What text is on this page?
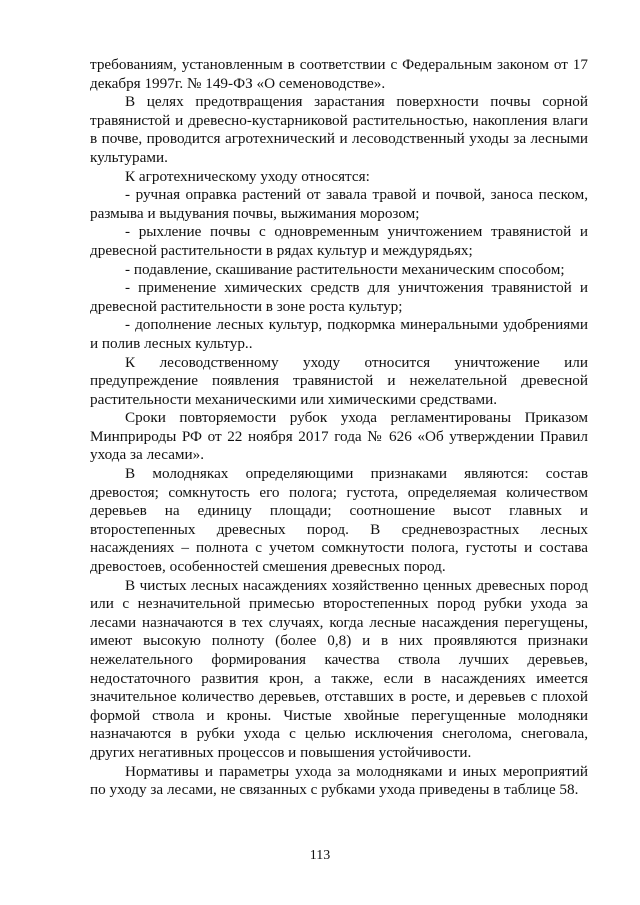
требованиям, установленным в соответствии с Федеральным законом от 17 декабря 1997г. № 149-ФЗ «О семеноводстве».

В целях предотвращения зарастания поверхности почвы сорной травянистой и древесно-кустарниковой растительностью, накопления влаги в почве, проводится агротехнический и лесоводственный уходы за лесными культурами.

К агротехническому уходу относятся:

- ручная оправка растений от завала травой и почвой, заноса песком, размыва и выдувания почвы, выжимания морозом;

- рыхление почвы с одновременным уничтожением травянистой и древесной растительности в рядах культур и междурядьях;

- подавление, скашивание растительности механическим способом;

- применение химических средств для уничтожения травянистой и древесной растительности в зоне роста культур;

- дополнение лесных культур, подкормка минеральными удобрениями и полив лесных культур..

К лесоводственному уходу относится уничтожение или предупреждение появления травянистой и нежелательной древесной растительности механическими или химическими средствами.

Сроки повторяемости рубок ухода регламентированы Приказом Минприроды РФ от 22 ноября 2017 года № 626 «Об утверждении Правил ухода за лесами».

В молодняках определяющими признаками являются: состав древостоя; сомкнутость его полога; густота, определяемая количеством деревьев на единицу площади; соотношение высот главных и второстепенных древесных пород. В средневозрастных лесных насаждениях – полнота с учетом сомкнутости полога, густоты и состава древостоев, особенностей смешения древесных пород.

В чистых лесных насаждениях хозяйственно ценных древесных пород или с незначительной примесью второстепенных пород рубки ухода за лесами назначаются в тех случаях, когда лесные насаждения перегущены, имеют высокую полноту (более 0,8) и в них проявляются признаки нежелательного формирования качества ствола лучших деревьев, недостаточного развития крон, а также, если в насаждениях имеется значительное количество деревьев, отставших в росте, и деревьев с плохой формой ствола и кроны. Чистые хвойные перегущенные молодняки назначаются в рубки ухода с целью исключения снеголома, снеговала, других негативных процессов и повышения устойчивости.

Нормативы и параметры ухода за молодняками и иных мероприятий по уходу за лесами, не связанных с рубками ухода приведены в таблице 58.

113
